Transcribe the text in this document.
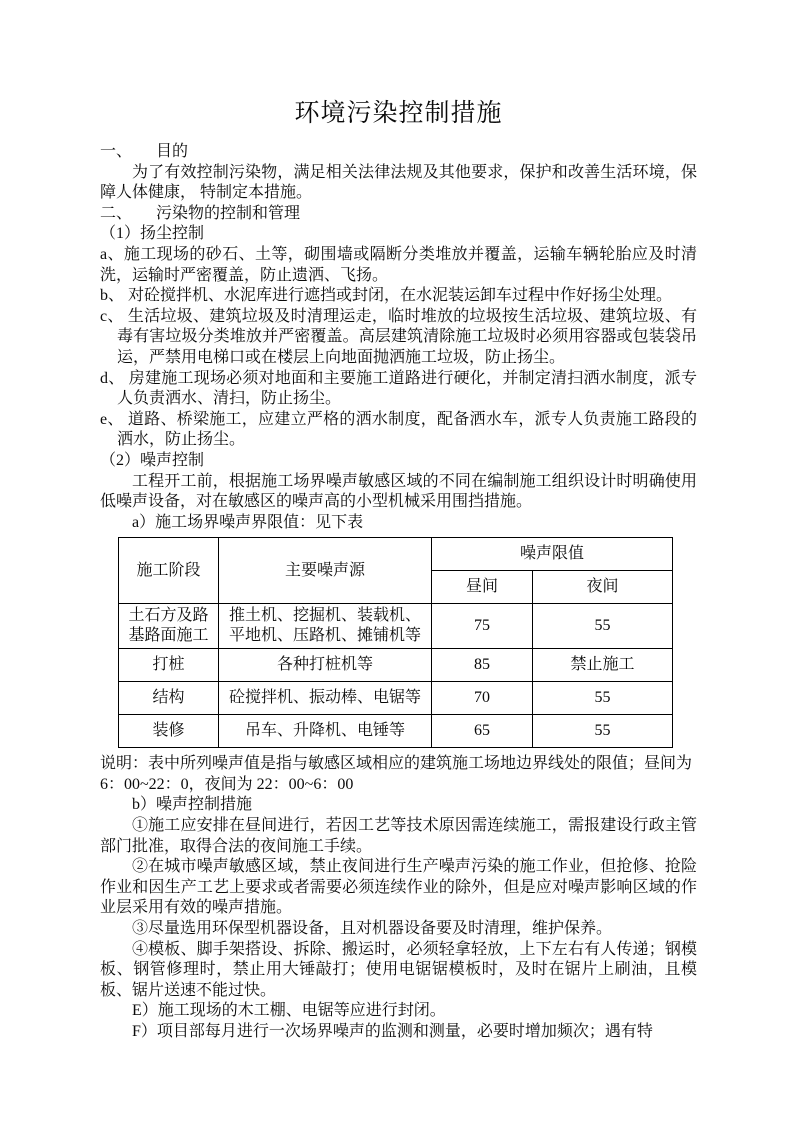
环境污染控制措施

一、　　目的

为了有效控制污染物，满足相关法律法规及其他要求，保护和改善生活环境，保障人体健康， 特制定本措施。

二、　　污染物的控制和管理

（1）扬尘控制

a、施工现场的砂石、土等，砌围墙或隔断分类堆放并覆盖，运输车辆轮胎应及时清洗，运输时严密覆盖，防止遗洒、飞扬。

b、 对砼搅拌机、水泥库进行遮挡或封闭，在水泥装运卸车过程中作好扬尘处理。

c、 生活垃圾、建筑垃圾及时清理运走，临时堆放的垃圾按生活垃圾、建筑垃圾、有毒有害垃圾分类堆放并严密覆盖。高层建筑清除施工垃圾时必须用容器或包装袋吊运，严禁用电梯口或在楼层上向地面抛洒施工垃圾，防止扬尘。

d、 房建施工现场必须对地面和主要施工道路进行硬化，并制定清扫洒水制度，派专人负责洒水、清扫，防止扬尘。

e、 道路、桥梁施工，应建立严格的洒水制度，配备洒水车，派专人负责施工路段的洒水，防止扬尘。

（2）噪声控制

工程开工前，根据施工场界噪声敏感区域的不同在编制施工组织设计时明确使用低噪声设备，对在敏感区的噪声高的小型机械采用围挡措施。

a）施工场界噪声界限值：见下表

施工阶段	主要噪声源	噪声限值	
		昼间	夜间
土石方及路基路面施工	推土机、挖掘机、装载机、平地机、压路机、摊铺机等	75	55
打桩	各种打桩机等	85	禁止施工
结构	砼搅拌机、振动棒、电锯等	70	55
装修	吊车、升降机、电锤等	65	55

说明：表中所列噪声值是指与敏感区域相应的建筑施工场地边界线处的限值；昼间为

6：00~22：0，夜间为 22：00~6：00

b）噪声控制措施

①施工应安排在昼间进行，若因工艺等技术原因需连续施工，需报建设行政主管部门批准，取得合法的夜间施工手续。

②在城市噪声敏感区域，禁止夜间进行生产噪声污染的施工作业，但抢修、抢险作业和因生产工艺上要求或者需要必须连续作业的除外，但是应对噪声影响区域的作业层采用有效的噪声措施。

③尽量选用环保型机器设备，且对机器设备要及时清理，维护保养。

④模板、脚手架搭设、拆除、搬运时，必须轻拿轻放，上下左右有人传递；钢模板、钢管修理时，禁止用大锤敲打；使用电锯锯模板时，及时在锯片上刷油，且模板、锯片送速不能过快。

E）施工现场的木工棚、电锯等应进行封闭。

F）项目部每月进行一次场界噪声的监测和测量，必要时增加频次；遇有特
